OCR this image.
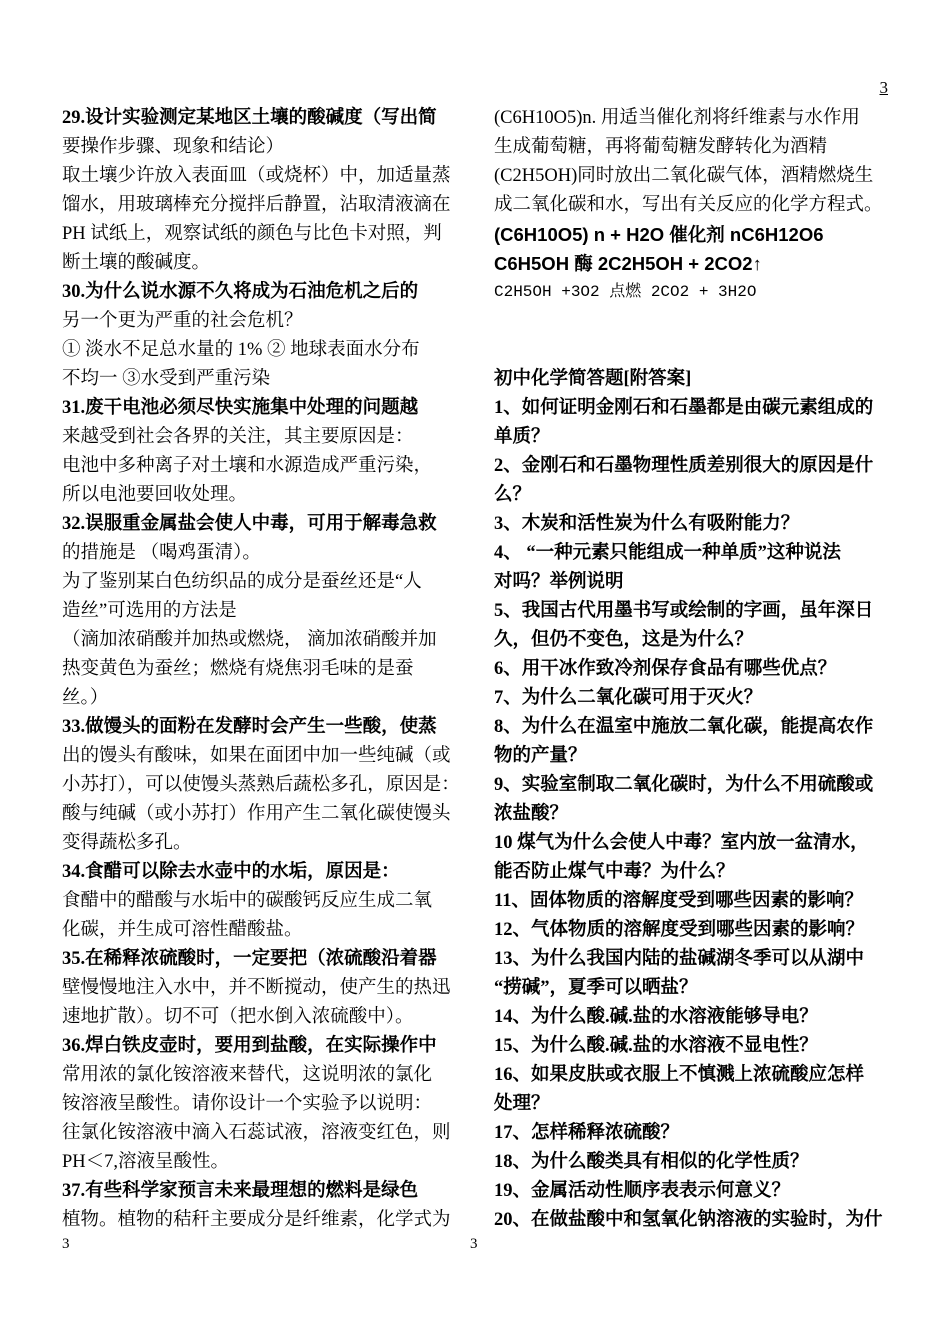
3
29.设计实验测定某地区土壤的酸碱度（写出简
要操作步骤、现象和结论）
取土壤少许放入表面皿（或烧杯）中，加适量蒸
馏水，用玻璃棒充分搅拌后静置，沾取清液滴在
PH 试纸上，观察试纸的颜色与比色卡对照，判
断土壤的酸碱度。
30.为什么说水源不久将成为石油危机之后的
另一个更为严重的社会危机？
① 淡水不足总水量的 1% ② 地球表面水分布
不均一 ③水受到严重污染
31.废干电池必须尽快实施集中处理的问题越
来越受到社会各界的关注，其主要原因是：
电池中多种离子对土壤和水源造成严重污染，
所以电池要回收处理。
32.误服重金属盐会使人中毒，可用于解毒急救
的措施是 （喝鸡蛋清）。
为了鉴别某白色纺织品的成分是蚕丝还是“人
造丝”可选用的方法是
（滴加浓硝酸并加热或燃烧， 滴加浓硝酸并加
热变黄色为蚕丝；燃烧有烧焦羽毛味的是蚕
丝。）
33.做馒头的面粉在发酵时会产生一些酸，使蒸
出的馒头有酸味，如果在面团中加一些纯碱（或
小苏打），可以使馒头蒸熟后蔬松多孔，原因是：
酸与纯碱（或小苏打）作用产生二氧化碳使馒头
变得蔬松多孔。
34.食醋可以除去水壶中的水垢，原因是：
食醋中的醋酸与水垢中的碳酸钙反应生成二氧
化碳，并生成可溶性醋酸盐。
35.在稀释浓硫酸时，一定要把（浓硫酸沿着器
壁慢慢地注入水中，并不断搅动，使产生的热迅
速地扩散）。切不可（把水倒入浓硫酸中）。
36.焊白铁皮壶时，要用到盐酸，在实际操作中
常用浓的氯化铵溶液来替代，这说明浓的氯化
铵溶液呈酸性。请你设计一个实验予以说明：
往氯化铵溶液中滴入石蕊试液，溶液变红色，则
PH＜7,溶液呈酸性。
37.有些科学家预言未来最理想的燃料是绿色
植物。植物的秸秆主要成分是纤维素，化学式为
(C6H10O5)n. 用适当催化剂将纤维素与水作用
生成葡萄糖，再将葡萄糖发酵转化为酒精
(C2H5OH)同时放出二氧化碳气体，酒精燃烧生
成二氧化碳和水，写出有关反应的化学方程式。
(C6H10O5) n + H2O 催化剂 nC6H12O6
C6H5OH 酶 2C2H5OH + 2CO2↑
C2H5OH +3O2 点燃 2CO2 + 3H2O
初中化学简答题[附答案]
1、如何证明金刚石和石墨都是由碳元素组成的
单质？
2、金刚石和石墨物理性质差别很大的原因是什
么？
3、木炭和活性炭为什么有吸附能力？
4、 “一种元素只能组成一种单质”这种说法
对吗？举例说明
5、我国古代用墨书写或绘制的字画，虽年深日
久，但仍不变色，这是为什么？
6、用干冰作致冷剂保存食品有哪些优点？
7、为什么二氧化碳可用于灭火？
8、为什么在温室中施放二氧化碳，能提高农作
物的产量？
9、实验室制取二氧化碳时，为什么不用硫酸或
浓盐酸？
10 煤气为什么会使人中毒？室内放一盆清水，
能否防止煤气中毒？为什么？
11、固体物质的溶解度受到哪些因素的影响？
12、气体物质的溶解度受到哪些因素的影响？
13、为什么我国内陆的盐碱湖冬季可以从湖中
“捞碱”，夏季可以晒盐？
14、为什么酸.碱.盐的水溶液能够导电？
15、为什么酸.碱.盐的水溶液不显电性？
16、如果皮肤或衣服上不慎溅上浓硫酸应怎样
处理？
17、怎样稀释浓硫酸？
18、为什么酸类具有相似的化学性质？
19、金属活动性顺序表表示何意义？
20、在做盐酸中和氢氧化钠溶液的实验时，为什
3	3
